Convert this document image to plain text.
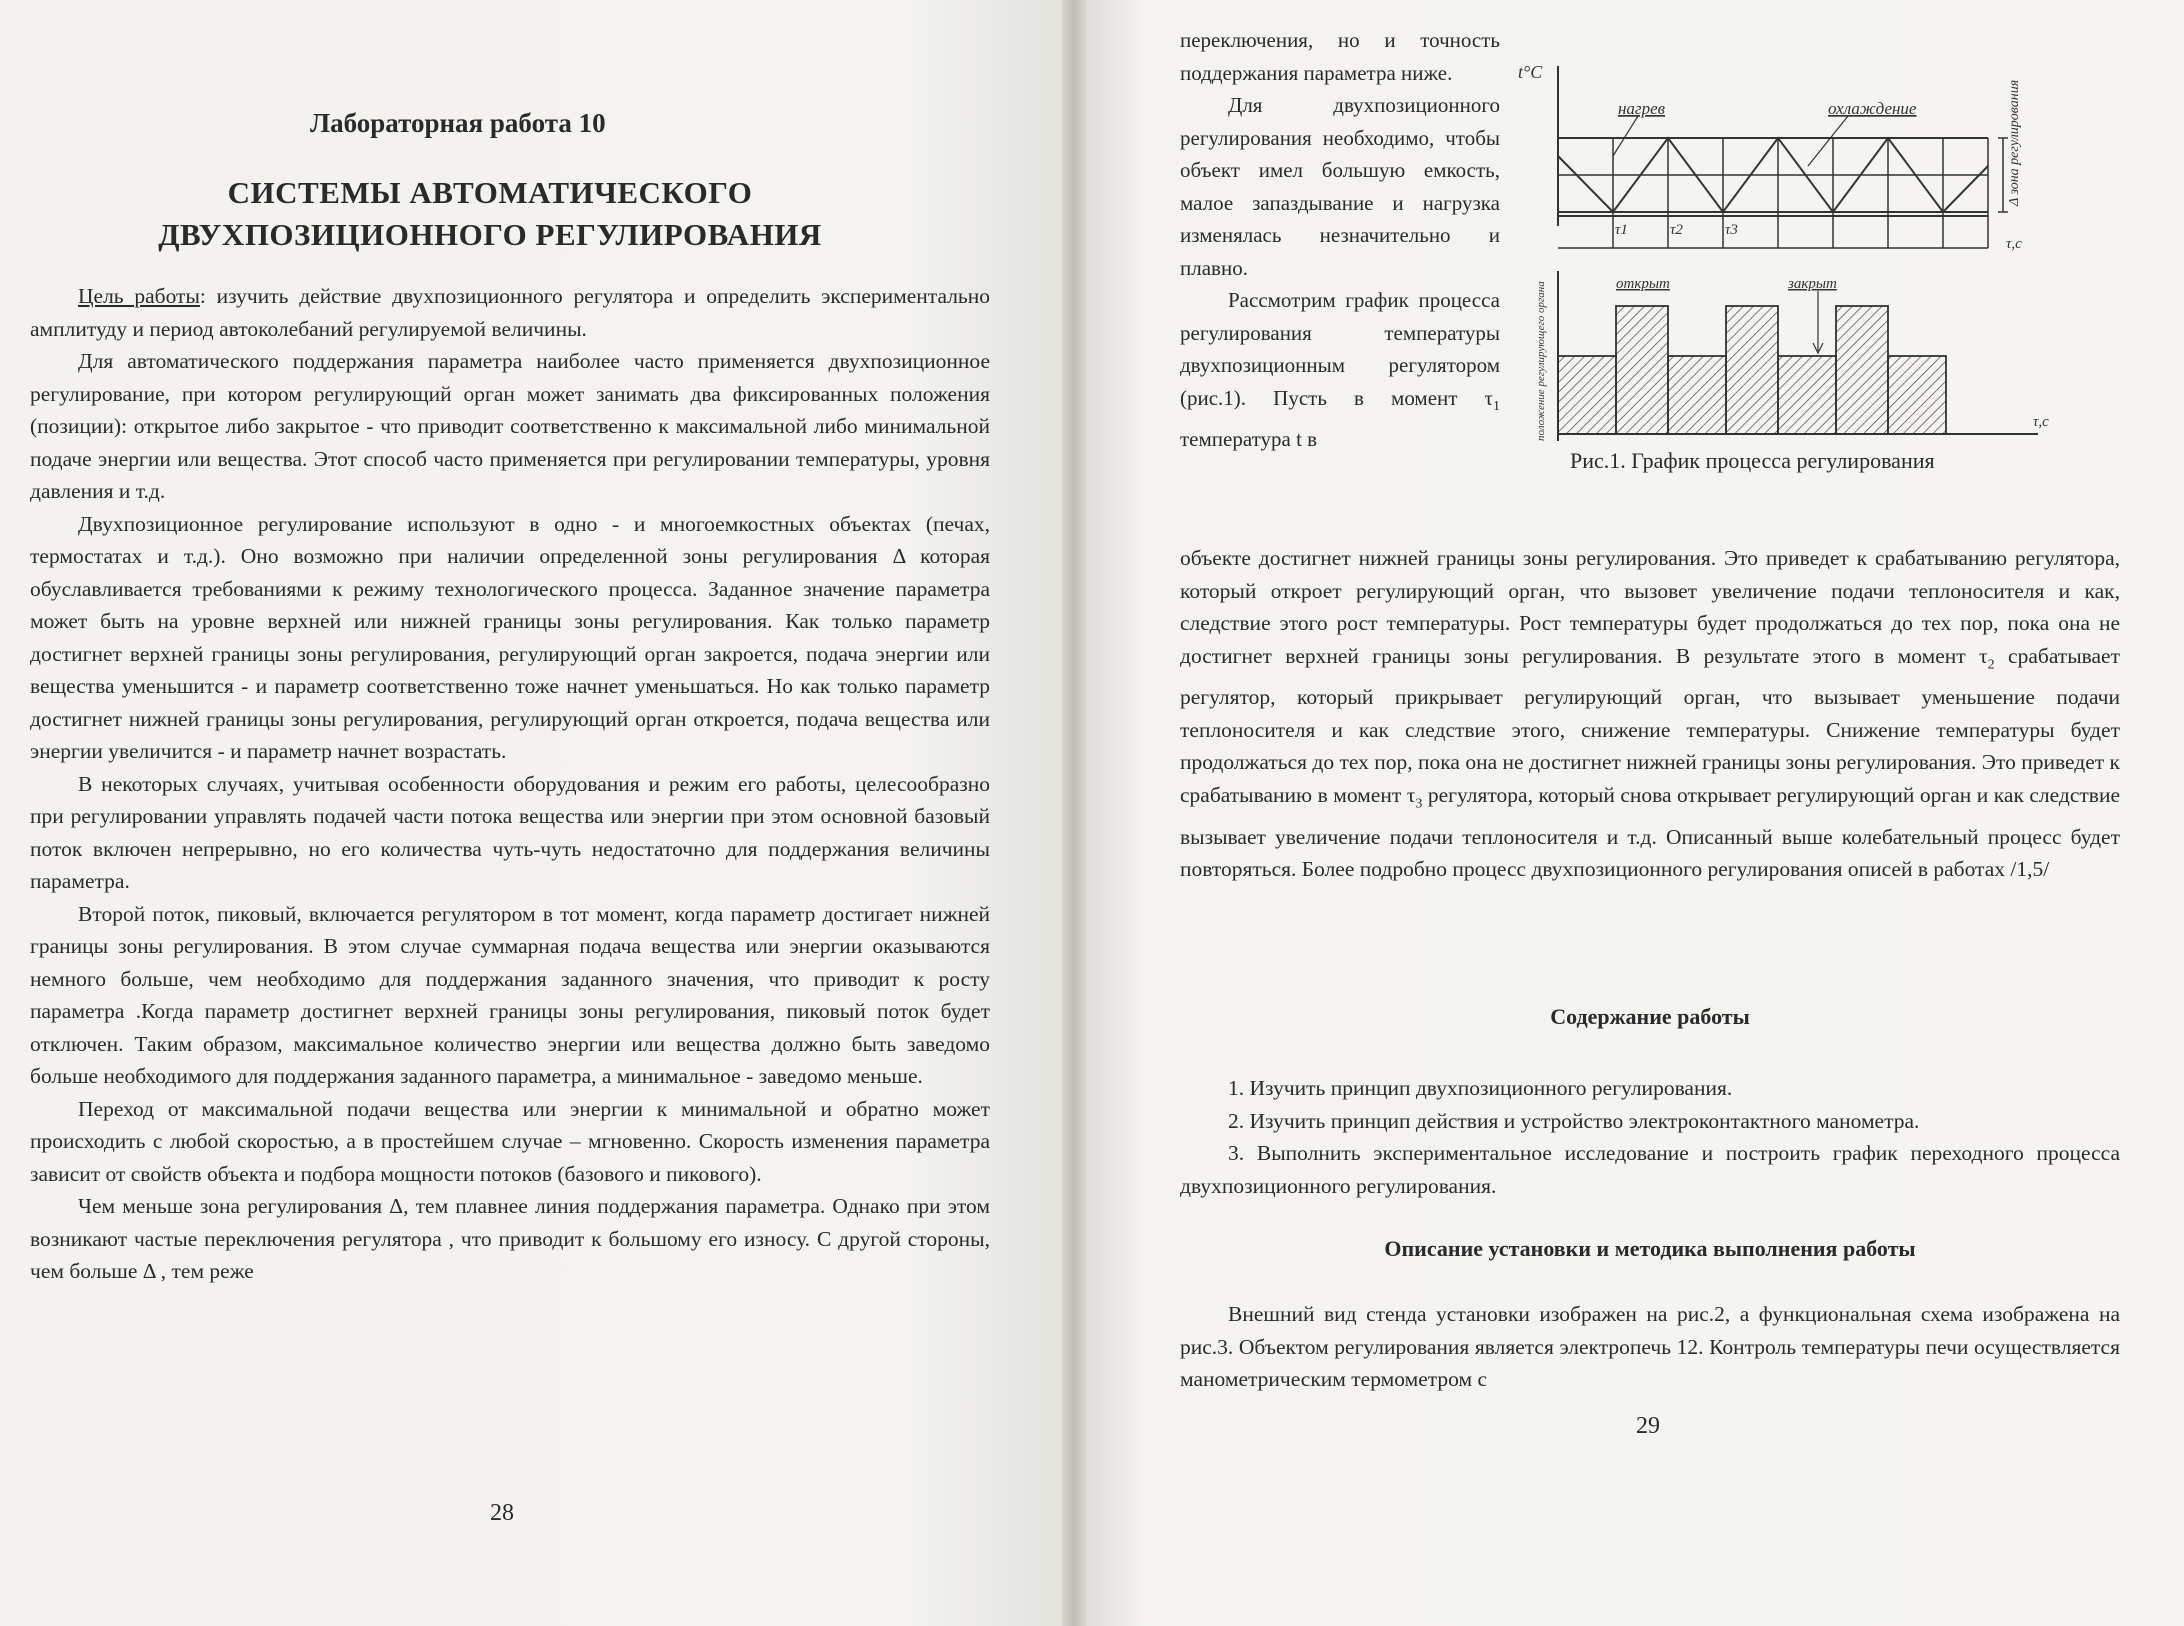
Лабораторная работа 10
СИСТЕМЫ АВТОМАТИЧЕСКОГО ДВУХПОЗИЦИОННОГО РЕГУЛИРОВАНИЯ

Цель работы: изучить действие двухпозиционного регулятора и определить экспериментально амплитуду и период автоколебаний регулируемой величины.

Для автоматического поддержания параметра наиболее часто применяется двухпозиционное регулирование, при котором регулирующий орган может занимать два фиксированных положения (позиции): открытое либо закрытое - что приводит соответственно к максимальной либо минимальной подаче энергии или вещества. Этот способ часто применяется при регулировании температуры, уровня давления и т.д.

Двухпозиционное регулирование используют в одно - и многоемкостных объектах (печах, термостатах и т.д.). Оно возможно при наличии определенной зоны регулирования Δ которая обуславливается требованиями к режиму технологического процесса. Заданное значение параметра может быть на уровне верхней или нижней границы зоны регулирования. Как только параметр достигнет верхней границы зоны регулирования, регулирующий орган закроется, подача энергии или вещества уменьшится - и параметр соответственно тоже начнет уменьшаться. Но как только параметр достигнет нижней границы зоны регулирования, регулирующий орган откроется, подача вещества или энергии увеличится - и параметр начнет возрастать.

В некоторых случаях, учитывая особенности оборудования и режим его работы, целесообразно при регулировании управлять подачей части потока вещества или энергии при этом основной базовый поток включен непрерывно, но его количества чуть-чуть недостаточно для поддержания величины параметра.

Второй поток, пиковый, включается регулятором в тот момент, когда параметр достигает нижней границы зоны регулирования. В этом случае суммарная подача вещества или энергии оказываются немного больше, чем необходимо для поддержания заданного значения, что приводит к росту параметра .Когда параметр достигнет верхней границы зоны регулирования, пиковый поток будет отключен. Таким образом, максимальное количество энергии или вещества должно быть заведомо больше необходимого для поддержания заданного параметра, а минимальное - заведомо меньше.

Переход от максимальной подачи вещества или энергии к минимальной и обратно может происходить с любой скоростью, а в простейшем случае – мгновенно. Скорость изменения параметра зависит от свойств объекта и подбора мощности потоков (базового и пикового).

Чем меньше зона регулирования Δ, тем плавнее линия поддержания параметра. Однако при этом возникают частые переключения регулятора , что приводит к большому его износу. С другой стороны, чем больше Δ , тем реже

28

переключения, но и точность поддержания параметра ниже.

Для двухпозиционного регулирования необходимо, чтобы объект имел большую емкость, малое запаздывание и нагрузка изменялась незначительно и плавно.

Рассмотрим график процесса регулирования температуры двухпозиционным регулятором (рис.1). Пусть в момент $\tau_1$ температура t в

t°C
нагрев	охлаждение	Δ зона регулирования
τ1	τ2	τ3
τ,с
открыт	закрыт
положение регулирующего органа	τ,с
Рис.1. График процесса регулирования

объекте достигнет нижней границы зоны регулирования. Это приведет к срабатыванию регулятора, который откроет регулирующий орган, что вызовет увеличение подачи теплоносителя и как, следствие этого рост температуры. Рост температуры будет продолжаться до тех пор, пока она не достигнет верхней границы зоны регулирования. В результате этого в момент $\tau_2$ срабатывает регулятор, который прикрывает регулирующий орган, что вызывает уменьшение подачи теплоносителя и как следствие этого, снижение температуры. Снижение температуры будет продолжаться до тех пор, пока она не достигнет нижней границы зоны регулирования. Это приведет к срабатыванию в момент $\tau_3$ регулятора, который снова открывает регулирующий орган и как следствие вызывает увеличение подачи теплоносителя и т.д. Описанный выше колебательный процесс будет повторяться. Более подробно процесс двухпозиционного регулирования описей в работах /1,5/

Содержание работы

1. Изучить принцип двухпозиционного регулирования.

2. Изучить принцип действия и устройство электроконтактного манометра.

3. Выполнить экспериментальное исследование и построить график переходного процесса двухпозиционного регулирования.

Описание установки и методика выполнения работы

Внешний вид стенда установки изображен на рис.2, а функциональная схема изображена на рис.3. Объектом регулирования является электропечь 12. Контроль температуры печи осуществляется манометрическим термометром с

29
